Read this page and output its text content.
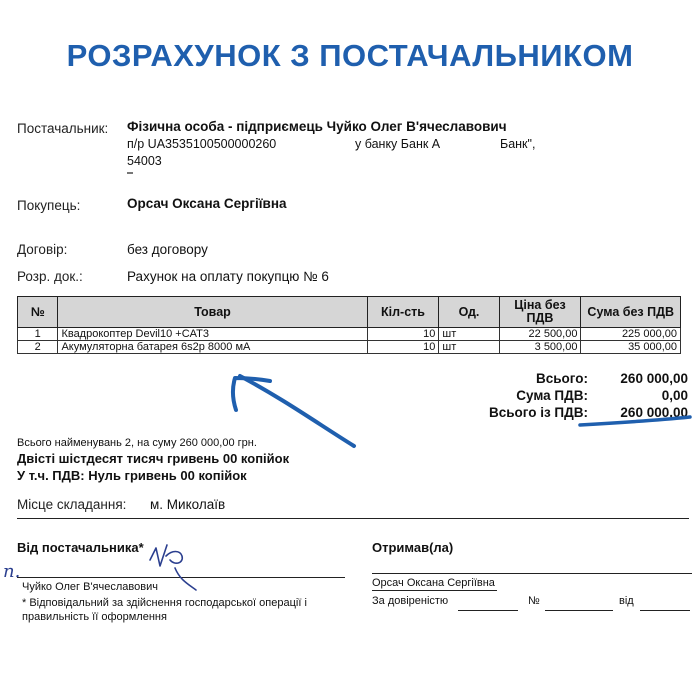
РОЗРАХУНОК З ПОСТАЧАЛЬНИКОМ
Постачальник: Фізична особа - підприємець Чуйко Олег В'ячеславович
п/р UA3535100500000260	у банку Банк А	Банк",
54003
Покупець:	Орсач Оксана Сергіївна
Договір:	без договору
Розр. док.:	Рахунок на оплату покупцю № 6
№	Товар	Кіл-сть	Од.	Ціна без ПДВ	Сума без ПДВ
1	Квадрокоптер Devil10 +CAT3	10	шт	22 500,00	225 000,00
2	Акумуляторна батарея 6s2p 8000 мА	10	шт	3 500,00	35 000,00
Всього: 260 000,00
Сума ПДВ:	0,00
Всього із ПДВ: 260 000,00
Всього найменувань 2, на суму 260 000,00 грн.
Двісті шістдесят тисяч гривень 00 копійок
У т.ч. ПДВ: Нуль гривень 00 копійок
Місце складання: м. Миколаїв
Від постачальника*	Отримав(ла)
Чуйко Олег В'ячеславович
* Відповідальний за здійснення господарської операції і
правильність її оформлення
Орсач Оксана Сергіївна
За довіреністю	№	від
п.
